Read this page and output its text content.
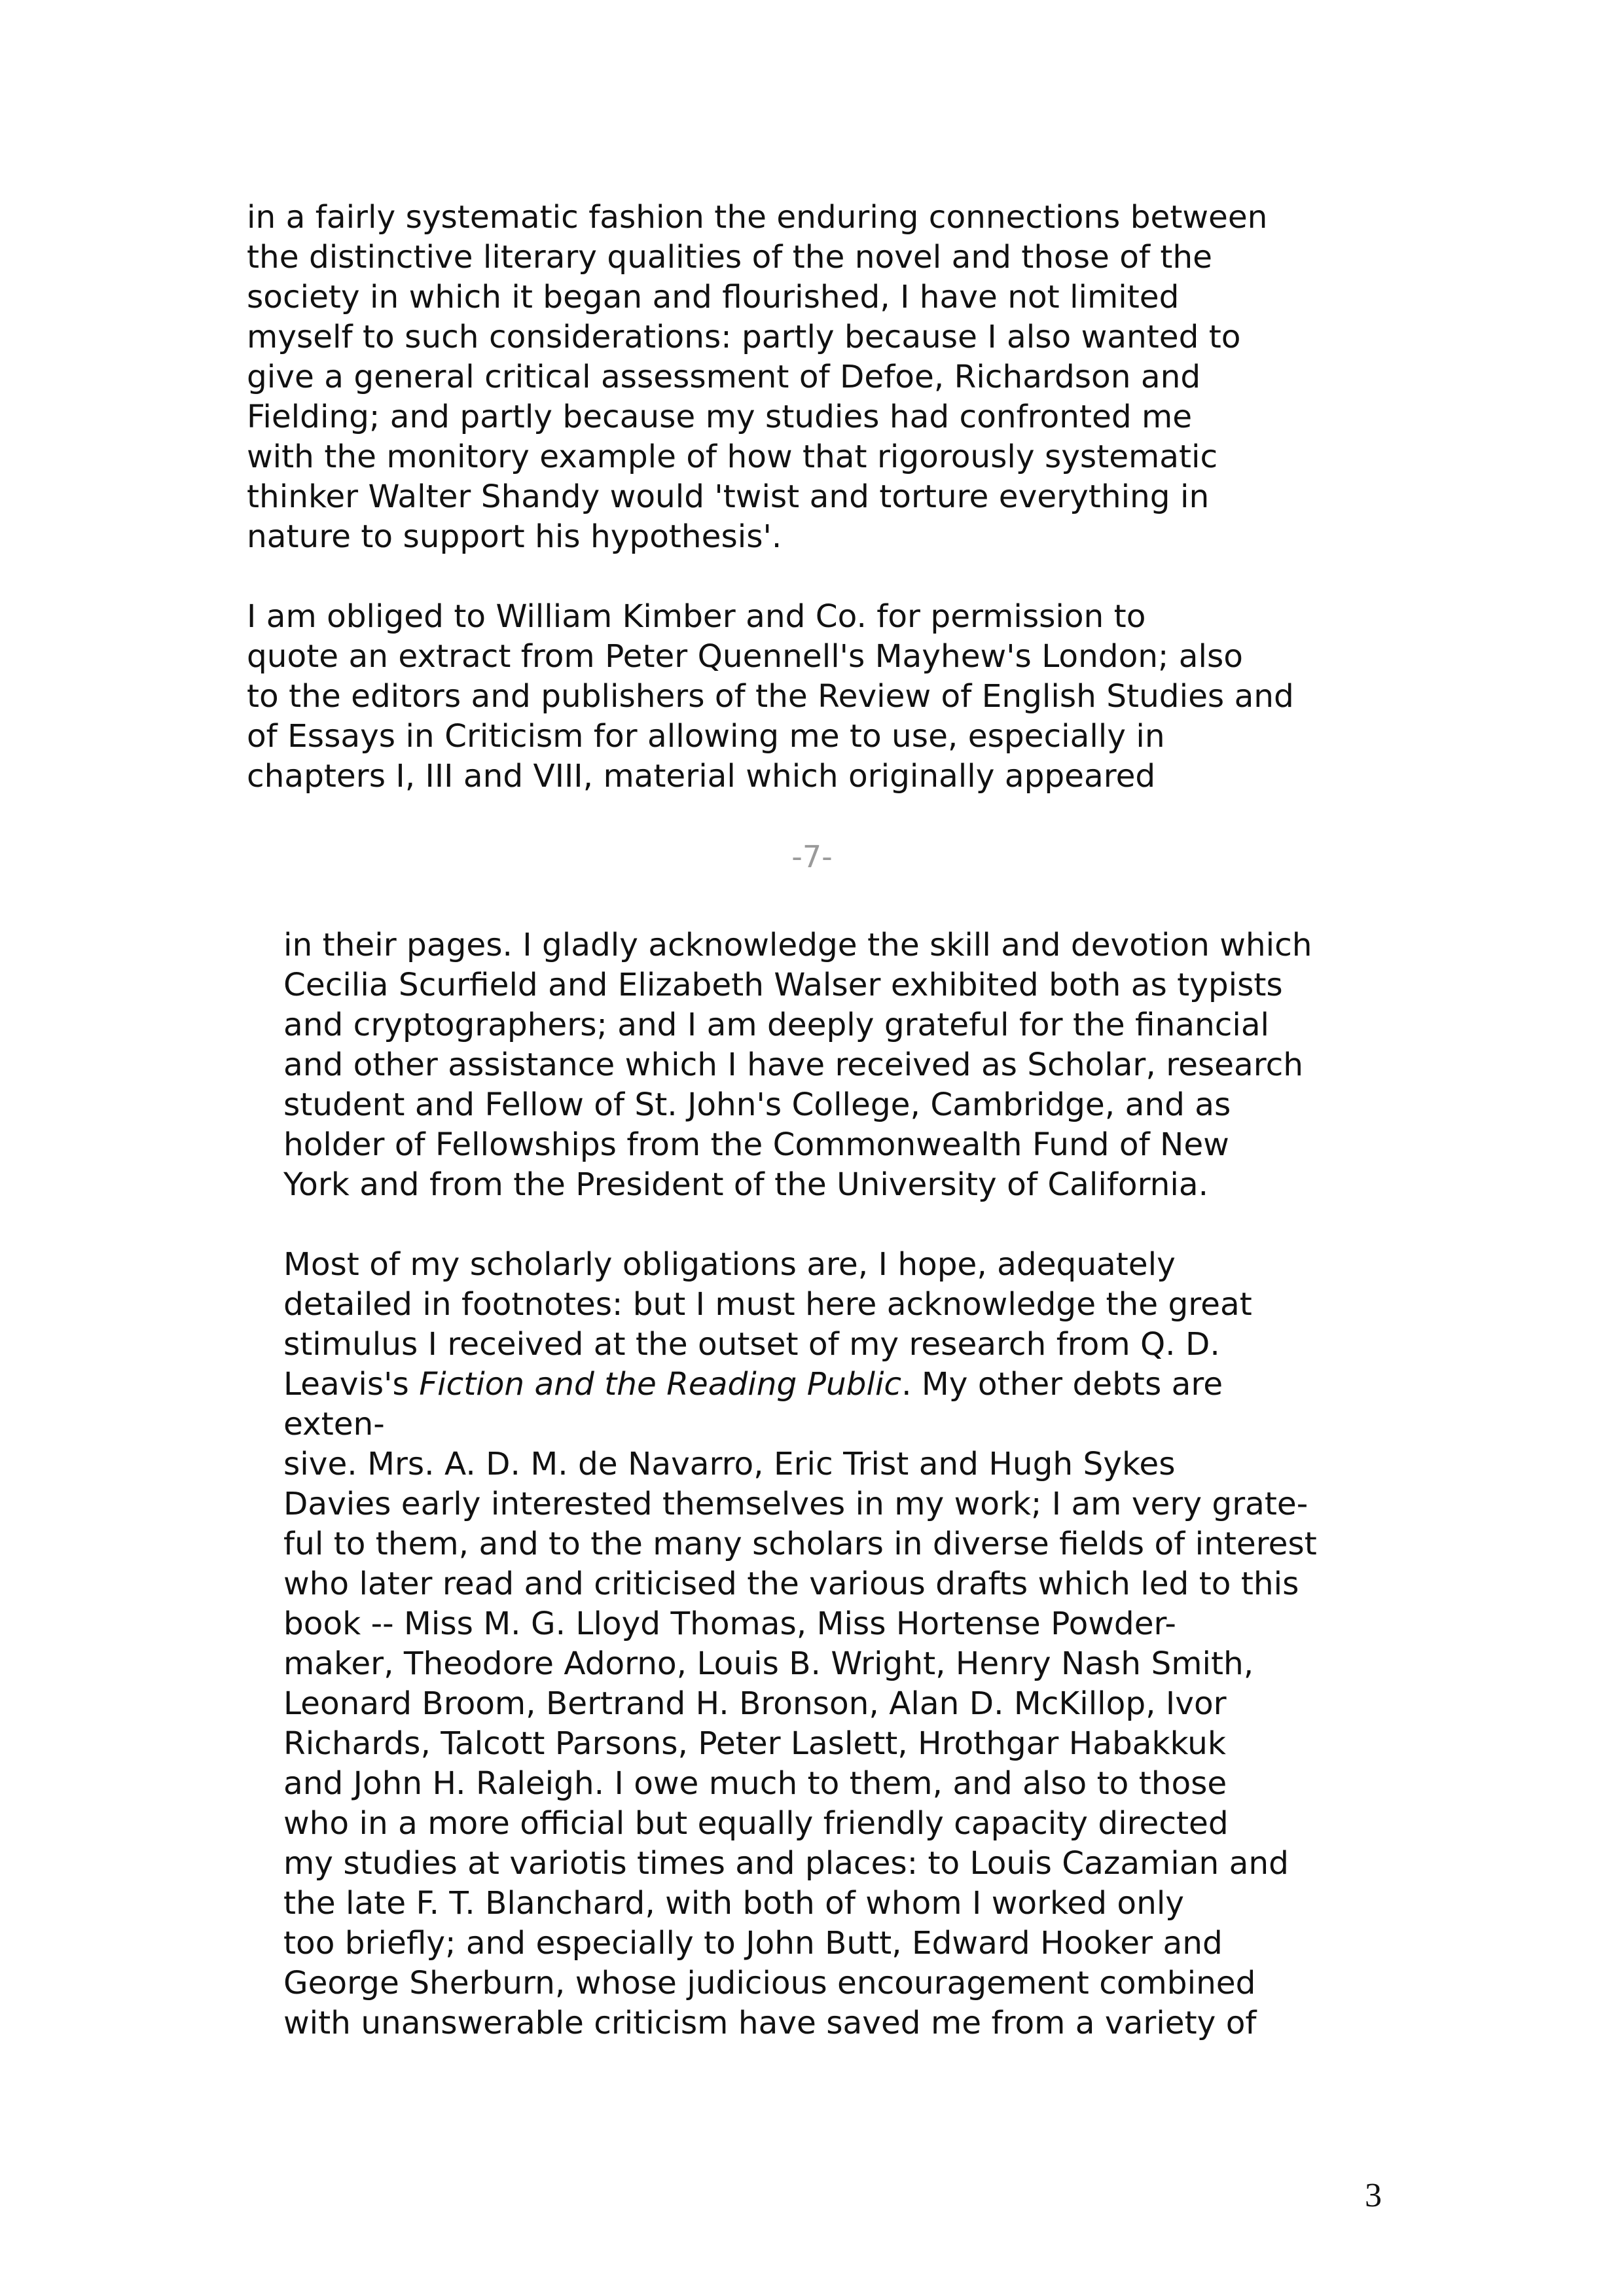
in a fairly systematic fashion the enduring connections between
the distinctive literary qualities of the novel and those of the
society in which it began and flourished, I have not limited
myself to such considerations: partly because I also wanted to
give a general critical assessment of Defoe, Richardson and
Fielding; and partly because my studies had confronted me
with the monitory example of how that rigorously systematic
thinker Walter Shandy would 'twist and torture everything in
nature to support his hypothesis'.
I am obliged to William Kimber and Co. for permission to
quote an extract from Peter Quennell's Mayhew's London; also
to the editors and publishers of the Review of English Studies and
of Essays in Criticism for allowing me to use, especially in
chapters I, III and VIII, material which originally appeared
-7-
in their pages. I gladly acknowledge the skill and devotion which
Cecilia Scurfield and Elizabeth Walser exhibited both as typists
and cryptographers; and I am deeply grateful for the financial
and other assistance which I have received as Scholar, research
student and Fellow of St. John's College, Cambridge, and as
holder of Fellowships from the Commonwealth Fund of New
York and from the President of the University of California.
Most of my scholarly obligations are, I hope, adequately
detailed in footnotes: but I must here acknowledge the great
stimulus I received at the outset of my research from Q. D.
Leavis's Fiction and the Reading Public. My other debts are
exten-
sive. Mrs. A. D. M. de Navarro, Eric Trist and Hugh Sykes
Davies early interested themselves in my work; I am very grate-
ful to them, and to the many scholars in diverse fields of interest
who later read and criticised the various drafts which led to this
book -- Miss M. G. Lloyd Thomas, Miss Hortense Powder-
maker, Theodore Adorno, Louis B. Wright, Henry Nash Smith,
Leonard Broom, Bertrand H. Bronson, Alan D. McKillop, Ivor
Richards, Talcott Parsons, Peter Laslett, Hrothgar Habakkuk
and John H. Raleigh. I owe much to them, and also to those
who in a more official but equally friendly capacity directed
my studies at variotis times and places: to Louis Cazamian and
the late F. T. Blanchard, with both of whom I worked only
too briefly; and especially to John Butt, Edward Hooker and
George Sherburn, whose judicious encouragement combined
with unanswerable criticism have saved me from a variety of
3
